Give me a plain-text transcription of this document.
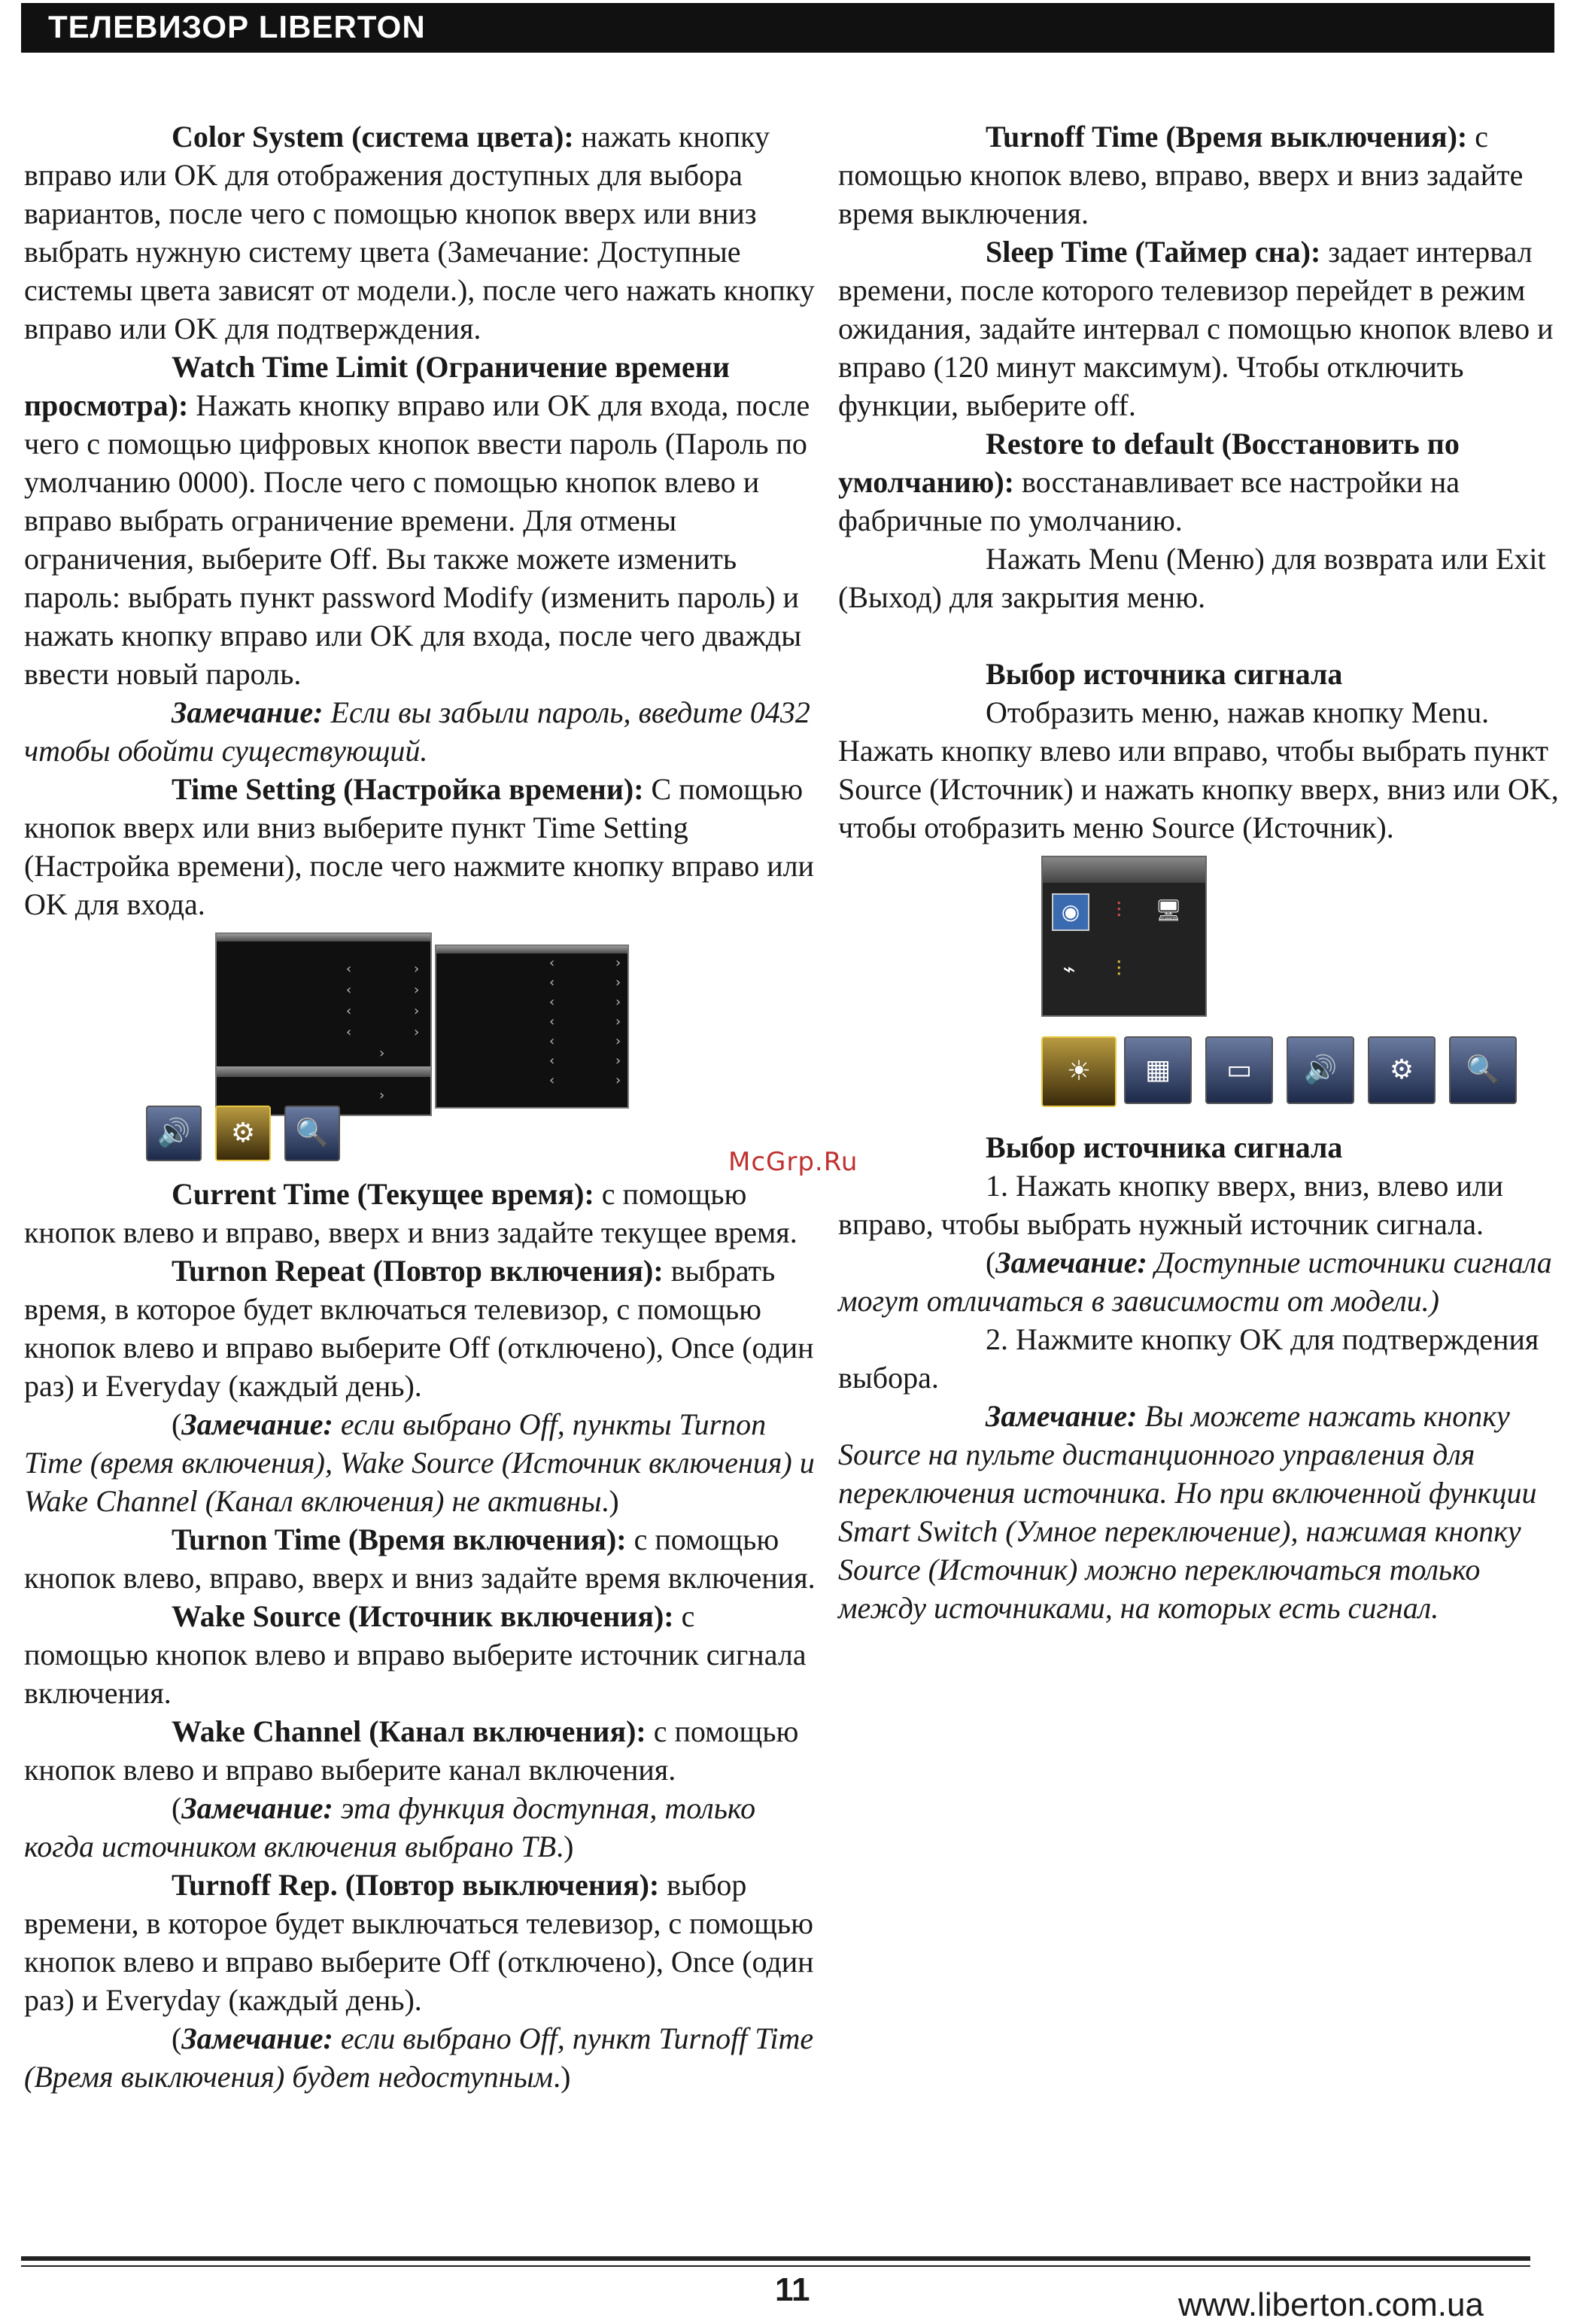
ТЕЛЕВИЗОР LIBERTON

Color System (система цвета): нажать кнопку вправо или OK для отображения доступных для выбора вариантов, после чего с помощью кнопок вверх или вниз выбрать нужную систему цвета (Замечание: Доступные системы цвета зависят от модели.), после чего нажать кнопку вправо или OK для подтверждения.

Watch Time Limit (Ограничение времени просмотра): Нажать кнопку вправо или OK для входа, после чего с помощью цифровых кнопок ввести пароль (Пароль по умолчанию 0000). После чего с помощью кнопок влево и вправо выбрать ограничение времени. Для отмены ограничения, выберите Off. Вы также можете изменить пароль: выбрать пункт password Modify (изменить пароль) и нажать кнопку вправо или OK для входа, после чего дважды ввести новый пароль.

Замечание: Если вы забыли пароль, введите 0432 чтобы обойти существующий.

Time Setting (Настройка времени): С помощью кнопок вверх или вниз выберите пункт Time Setting (Настройка времени), после чего нажмите кнопку вправо или OK для входа.

‹	›
‹	›
‹	›
‹	›
›
›
‹	›
‹	›
‹	›
‹	›
‹	›
‹	›
‹	›
🔊	⚙	🔍

Current Time (Текущее время): с помощью кнопок влево и вправо, вверх и вниз задайте текущее время.

Turnon Repeat (Повтор включения): выбрать время, в которое будет включаться телевизор, с помощью кнопок влево и вправо выберите Off (отключено), Once (один раз) и Everyday (каждый день).

(Замечание: если выбрано Off, пункты Turnon Time (время включения), Wake Source (Источник включения) и Wake Channel (Канал включения) не активны.)

Turnon Time (Время включения): с помощью кнопок влево, вправо, вверх и вниз задайте время включения.

Wake Source (Источник включения): с помощью кнопок влево и вправо выберите источник сигнала включения.

Wake Channel (Канал включения): с помощью кнопок влево и вправо выберите канал включения.

(Замечание: эта функция доступная, только когда источником включения выбрано ТВ.)

Turnoff Rep. (Повтор выключения): выбор времени, в которое будет выключаться телевизор, с помощью кнопок влево и вправо выберите Off (отключено), Once (один раз) и Everyday (каждый день).

(Замечание: если выбрано Off, пункт Turnoff Time (Время выключения) будет недоступным.)

Turnoff Time (Время выключения): с помощью кнопок влево, вправо, вверх и вниз задайте время выключения.

Sleep Time (Таймер сна): задает интервал времени, после которого телевизор перейдет в режим ожидания, задайте интервал с помощью кнопок влево и вправо (120 минут максимум). Чтобы отключить функции, выберите off.

Restore to default (Восстановить по умолчанию): восстанавливает все настройки на фабричные по умолчанию.

Нажать Menu (Меню) для возврата или Exit (Выход) для закрытия меню.

Выбор источника сигнала

Отобразить меню, нажав кнопку Menu. Нажать кнопку влево или вправо, чтобы выбрать пункт Source (Источник) и нажать кнопку вверх, вниз или OK, чтобы отобразить меню Source (Источник).

◉	⫶	🖥
⌁	⫶
☀	▦	▭	🔊	⚙	🔍

Выбор источника сигнала

1. Нажать кнопку вверх, вниз, влево или вправо, чтобы выбрать нужный источник сигнала.

(Замечание: Доступные источники сигнала могут отличаться в зависимости от модели.)

2. Нажмите кнопку OK для подтверждения выбора.

Замечание: Вы можете нажать кнопку Source на пульте дистанционного управления для переключения источника. Но при включенной функции Smart Switch (Умное переключение), нажимая кнопку Source (Источник) можно переключаться только между источниками, на которых есть сигнал.

McGrp.Ru
11	www.liberton.com.ua
